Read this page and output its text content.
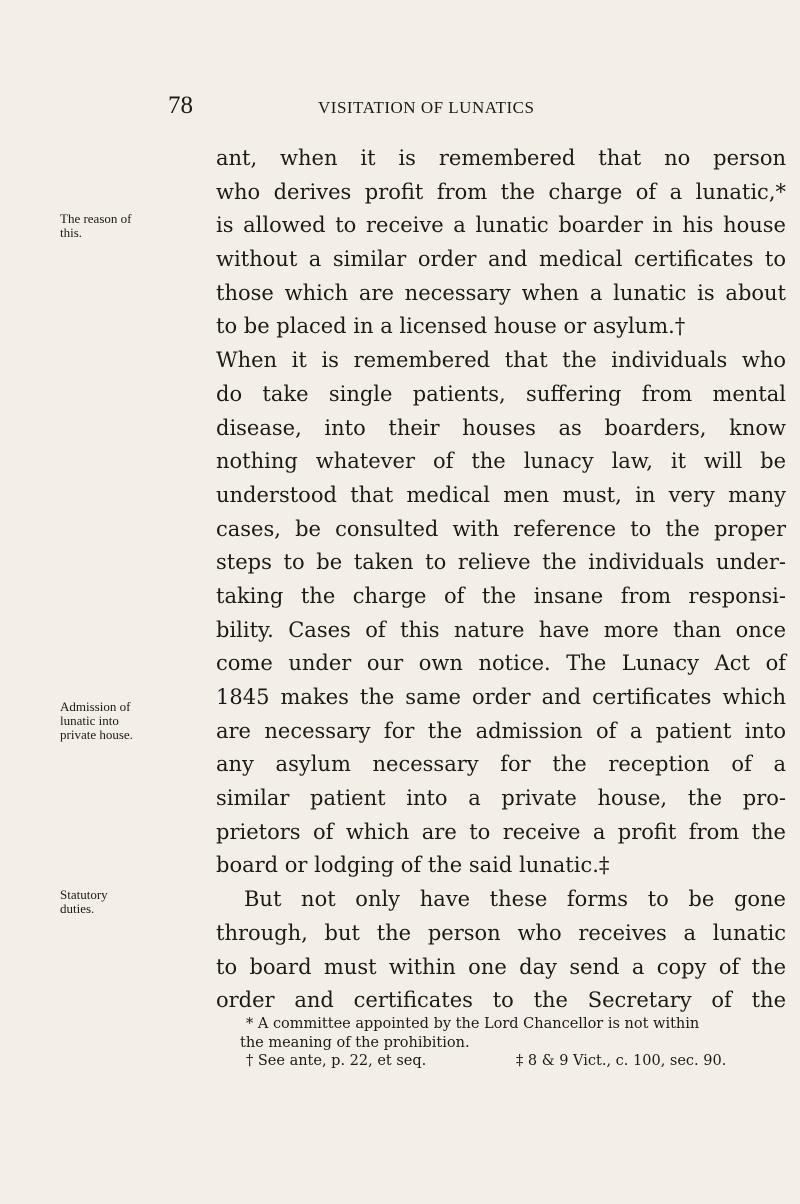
78	VISITATION OF LUNATICS
The reason of
this.
Admission of
lunatic into
private house.
Statutory
duties.
ant, when it is remembered that no person
who derives profit from the charge of a lunatic,*
is allowed to receive a lunatic boarder in his house
without a similar order and medical certificates to
those which are necessary when a lunatic is about
to be placed in a licensed house or asylum.†
When it is remembered that the individuals who
do take single patients, suffering from mental
disease, into their houses as boarders, know
nothing whatever of the lunacy law, it will be
understood that medical men must, in very many
cases, be consulted with reference to the proper
steps to be taken to relieve the individuals under-
taking the charge of the insane from responsi-
bility. Cases of this nature have more than once
come under our own notice. The Lunacy Act of
1845 makes the same order and certificates which
are necessary for the admission of a patient into
any asylum necessary for the reception of a
similar patient into a private house, the pro-
prietors of which are to receive a profit from the
board or lodging of the said lunatic.‡
But not only have these forms to be gone
through, but the person who receives a lunatic
to board must within one day send a copy of the
order and certificates to the Secretary of the
* A committee appointed by the Lord Chancellor is not within
the meaning of the prohibition.
† See ante, p. 22, et seq.	‡ 8 & 9 Vict., c. 100, sec. 90.
